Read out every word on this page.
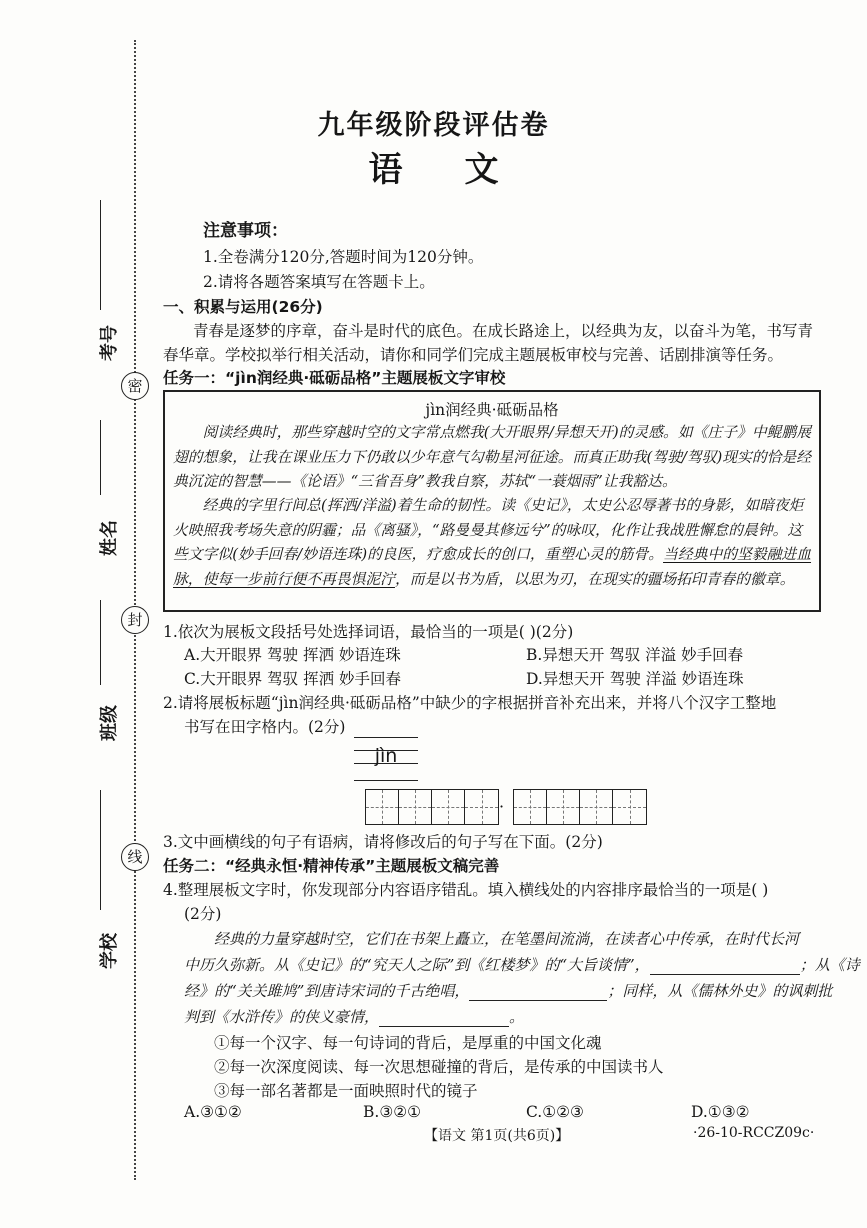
考号
姓名
班级
学校
密
封
线
九年级阶段评估卷
语文
注意事项：
1.全卷满分120分,答题时间为120分钟。
2.请将各题答案填写在答题卡上。
一、积累与运用(26分)
青春是逐梦的序章，奋斗是时代的底色。在成长路途上，以经典为友，以奋斗为笔，书写青
春华章。学校拟举行相关活动，请你和同学们完成主题展板审校与完善、话剧排演等任务。
任务一：“jìn润经典·砥砺品格”主题展板文字审校
jìn润经典·砥砺品格
阅读经典时，那些穿越时空的文字常点燃我(大开眼界/异想天开)的灵感。如《庄子》中鲲鹏展翅的想象，让我在课业压力下仍敢以少年意气勾勒星河征途。而真正助我(驾驶/驾驭)现实的恰是经典沉淀的智慧——《论语》“三省吾身”教我自察，苏轼“一蓑烟雨”让我豁达。
经典的字里行间总(挥洒/洋溢)着生命的韧性。读《史记》，太史公忍辱著书的身影，如暗夜炬火映照我考场失意的阴霾；品《离骚》，“路曼曼其修远兮”的咏叹，化作让我战胜懈怠的晨钟。这些文字似(妙手回春/妙语连珠)的良医，疗愈成长的创口，重塑心灵的筋骨。当经典中的坚毅融进血脉，使每一步前行便不再畏惧泥泞，而是以书为盾，以思为刃，在现实的疆场拓印青春的徽章。
1.依次为展板文段括号处选择词语，最恰当的一项是( )(2分)
A.大开眼界 驾驶 挥洒 妙语连珠	B.异想天开 驾驭 洋溢 妙手回春
C.大开眼界 驾驭 挥洒 妙手回春	D.异想天开 驾驶 洋溢 妙语连珠
2.请将展板标题“jìn润经典·砥砺品格”中缺少的字根据拼音补充出来，并将八个汉字工整地
书写在田字格内。(2分)
jìn
·
3.文中画横线的句子有语病，请将修改后的句子写在下面。(2分)
任务二：“经典永恒·精神传承”主题展板文稿完善
4.整理展板文字时，你发现部分内容语序错乱。填入横线处的内容排序最恰当的一项是( )
(2分)
经典的力量穿越时空，它们在书架上矗立，在笔墨间流淌，在读者心中传承，在时代长河
中历久弥新。从《史记》的“究天人之际”到《红楼梦》的“大旨谈情”，	；从《诗
经》的“关关雎鸠”到唐诗宋词的千古绝唱，	；同样，从《儒林外史》的讽刺批
判到《水浒传》的侠义豪情，	。
①每一个汉字、每一句诗词的背后，是厚重的中国文化魂
②每一次深度阅读、每一次思想碰撞的背后，是传承的中国读书人
③每一部名著都是一面映照时代的镜子
A.③①②	B.③②①	C.①②③	D.①③②
【语文 第1页(共6页)】	·26-10-RCCZ09c·
